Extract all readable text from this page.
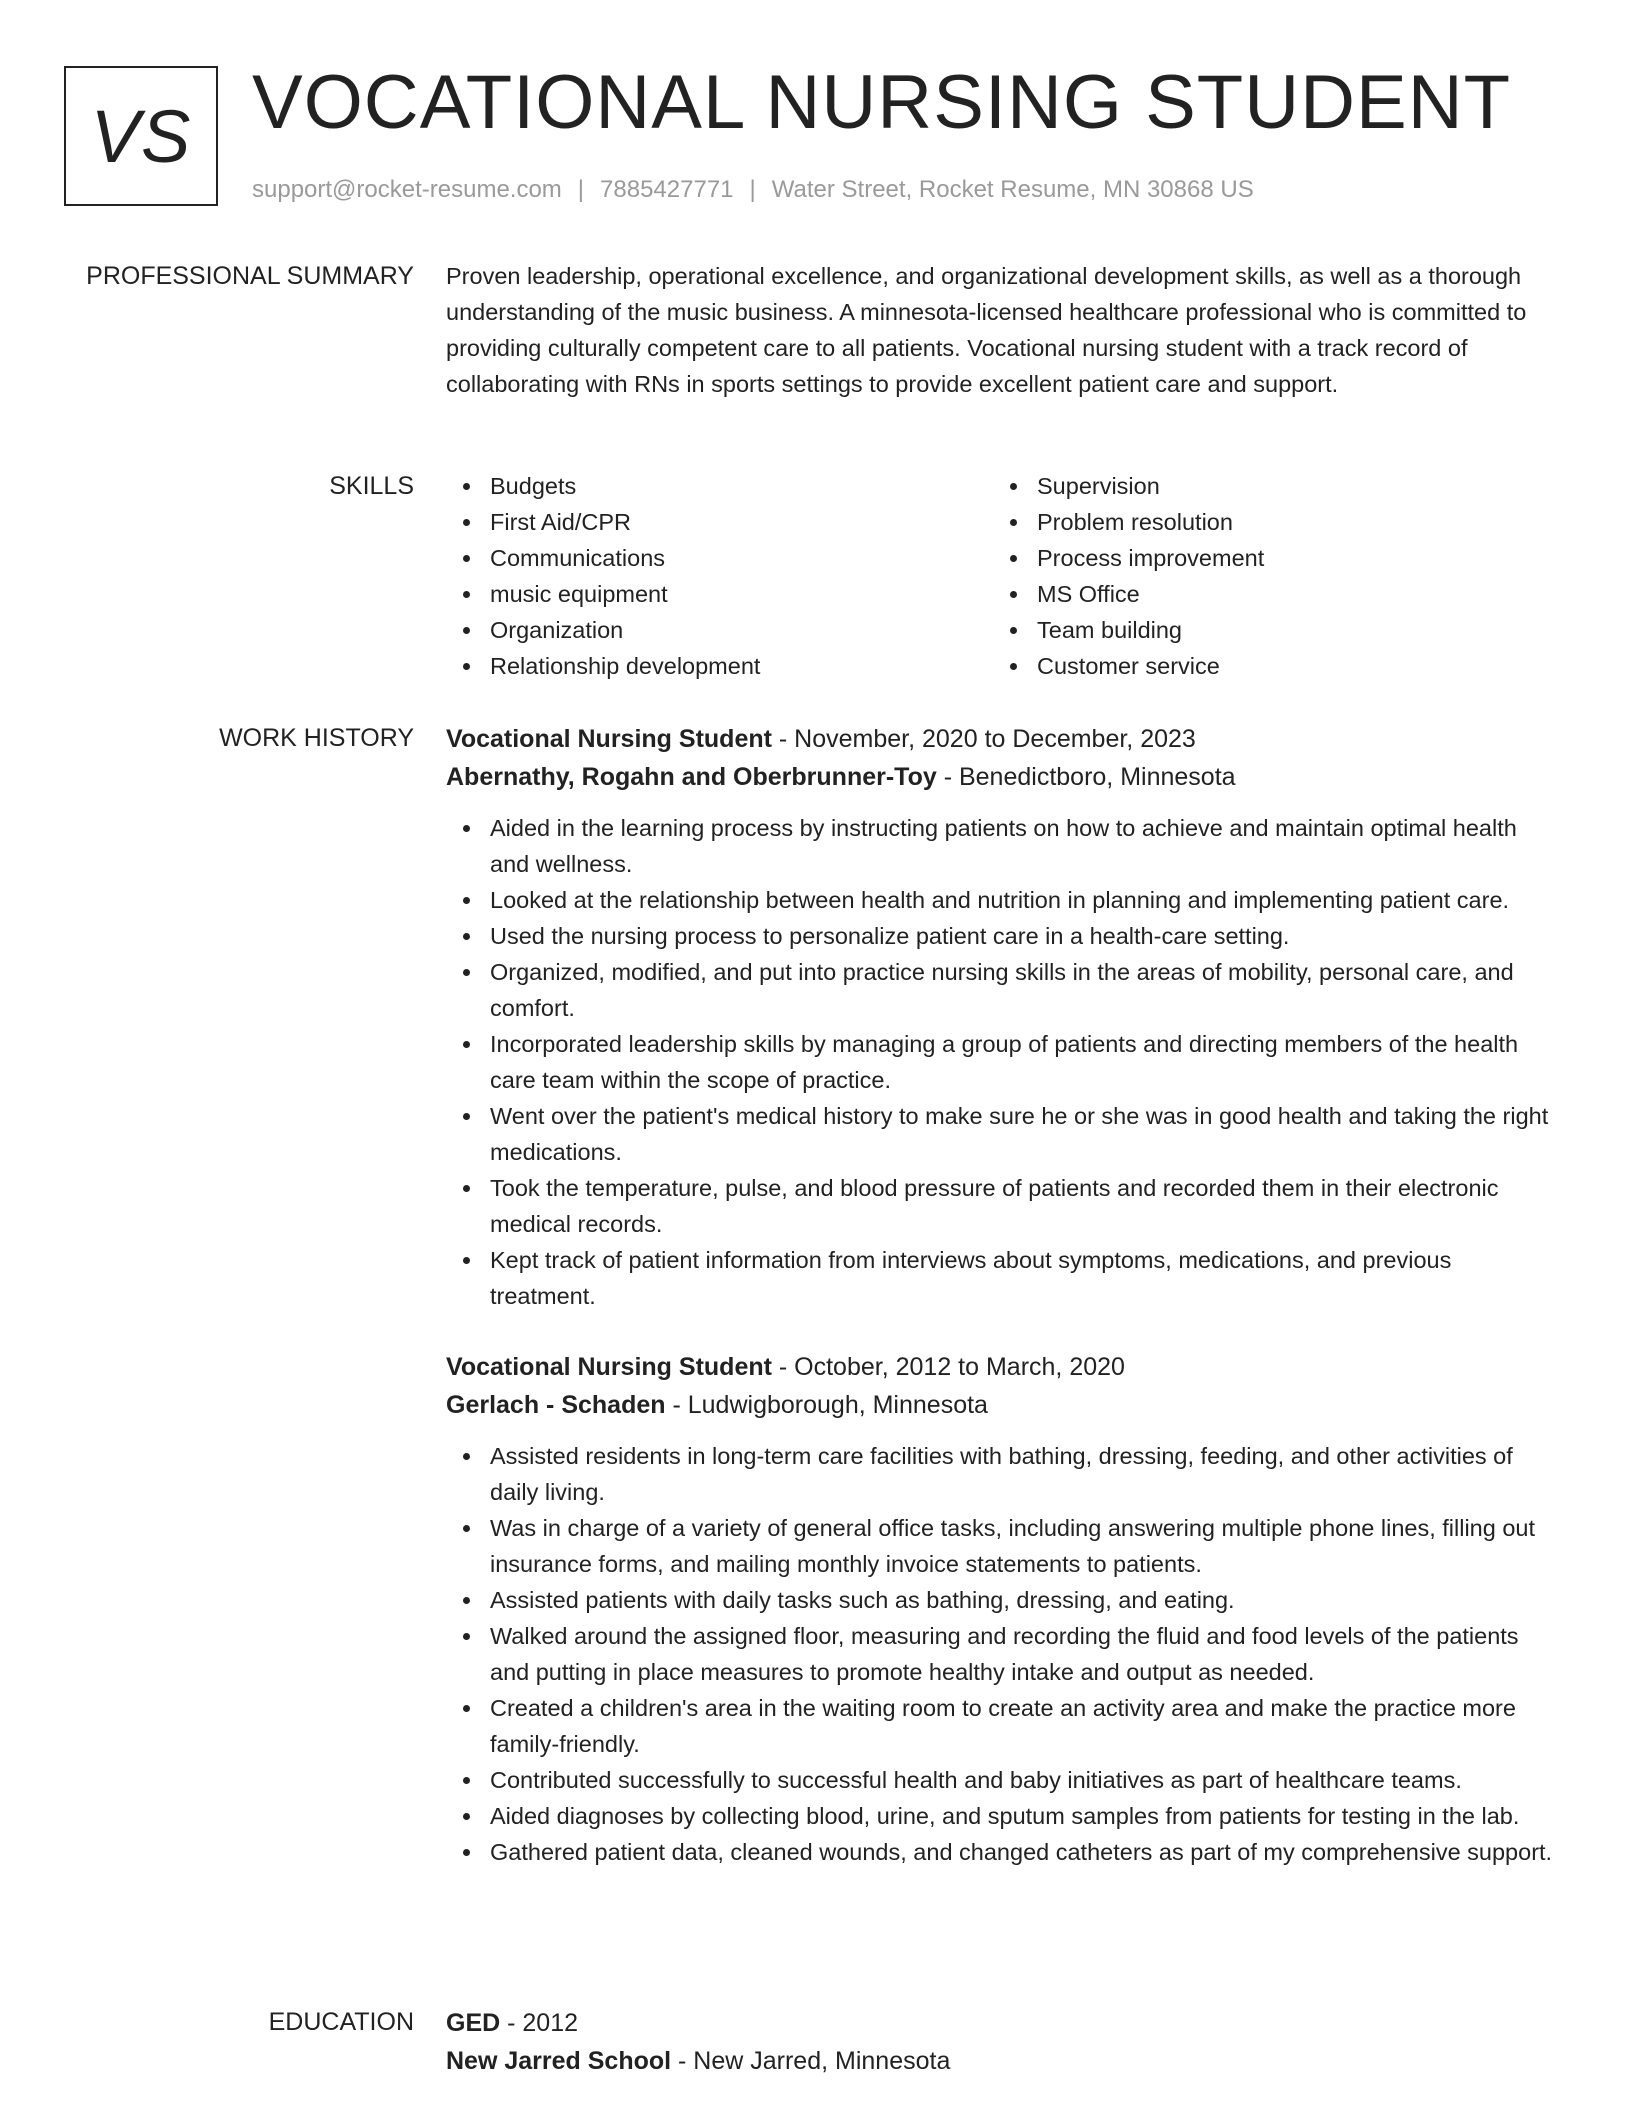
VS VOCATIONAL NURSING STUDENT
support@rocket-resume.com | 7885427771 | Water Street, Rocket Resume, MN 30868 US
PROFESSIONAL SUMMARY Proven leadership, operational excellence, and organizational development skills, as well as a thorough understanding of the music business. A minnesota-licensed healthcare professional who is committed to providing culturally competent care to all patients. Vocational nursing student with a track record of collaborating with RNs in sports settings to provide excellent patient care and support.

SKILLS	Budgets
First Aid/CPR
Communications
music equipment
Organization
Relationship development
Supervision
Problem resolution
Process improvement
MS Office
Team building
Customer service
WORK HISTORY Vocational Nursing Student - November, 2020 to December, 2023
Abernathy, Rogahn and Oberbrunner-Toy - Benedictboro, Minnesota
Aided in the learning process by instructing patients on how to achieve and maintain optimal health and wellness.
Looked at the relationship between health and nutrition in planning and implementing patient care.
Used the nursing process to personalize patient care in a health-care setting.
Organized, modified, and put into practice nursing skills in the areas of mobility, personal care, and comfort.
Incorporated leadership skills by managing a group of patients and directing members of the health care team within the scope of practice.
Went over the patient's medical history to make sure he or she was in good health and taking the right medications.
Took the temperature, pulse, and blood pressure of patients and recorded them in their electronic medical records.
Kept track of patient information from interviews about symptoms, medications, and previous treatment.
Vocational Nursing Student - October, 2012 to March, 2020
Gerlach - Schaden - Ludwigborough, Minnesota
Assisted residents in long-term care facilities with bathing, dressing, feeding, and other activities of daily living.
Was in charge of a variety of general office tasks, including answering multiple phone lines, filling out insurance forms, and mailing monthly invoice statements to patients.
Assisted patients with daily tasks such as bathing, dressing, and eating.
Walked around the assigned floor, measuring and recording the fluid and food levels of the patients and putting in place measures to promote healthy intake and output as needed.
Created a children's area in the waiting room to create an activity area and make the practice more family-friendly.
Contributed successfully to successful health and baby initiatives as part of healthcare teams.
Aided diagnoses by collecting blood, urine, and sputum samples from patients for testing in the lab.
Gathered patient data, cleaned wounds, and changed catheters as part of my comprehensive support.
EDUCATION GED - 2012
New Jarred School - New Jarred, Minnesota
